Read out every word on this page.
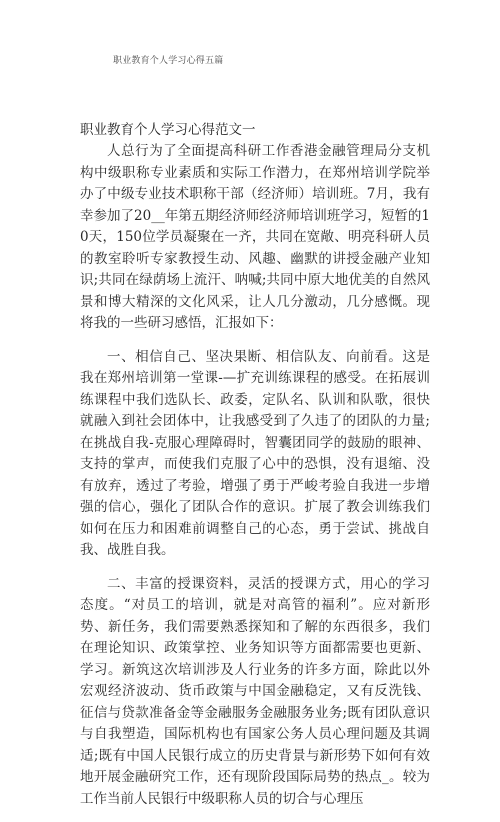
职业教育个人学习心得五篇
职业教育个人学习心得范文一

人总行为了全面提高科研工作香港金融管理局分支机构中级职称专业素质和实际工作潜力，在郑州培训学院举办了中级专业技术职称干部（经济师）培训班。7月，我有幸参加了20__年第五期经济师经济师培训班学习，短暂的10天，150位学员凝聚在一齐，共同在宽敞、明亮科研人员的教室聆听专家教授生动、风趣、幽默的讲授金融产业知识;共同在绿荫场上流汗、呐喊;共同中原大地优美的自然风景和博大精深的文化风采，让人几分激动，几分感慨。现将我的一些研习感悟，汇报如下：

一、相信自己、坚决果断、相信队友、向前看。这是我在郑州培训第一堂课-—扩充训练课程的感受。在拓展训练课程中我们选队长、政委，定队名、队训和队歌，很快就融入到社会团体中，让我感受到了久违了的团队的力量;在挑战自我-克服心理障碍时，智囊团同学的鼓励的眼神、支持的掌声，而使我们克服了心中的恐惧，没有退缩、没有放弃，透过了考验，增强了勇于严峻考验自我进一步增强的信心，强化了团队合作的意识。扩展了教会训练我们如何在压力和困难前调整自己的心态，勇于尝试、挑战自我、战胜自我。

二、丰富的授课资料，灵活的授课方式，用心的学习态度。“对员工的培训，就是对高管的福利”。应对新形势、新任务，我们需要熟悉探知和了解的东西很多，我们在理论知识、政策掌控、业务知识等方面都需要也更新、学习。新筑这次培训涉及人行业务的许多方面，除此以外宏观经济波动、货币政策与中国金融稳定，又有反洗钱、征信与贷款准备金等金融服务金融服务业务;既有团队意识与自我塑造，国际机构也有国家公务人员心理问题及其调适;既有中国人民银行成立的历史背景与新形势下如何有效地开展金融研究工作，还有现阶段国际局势的热点_。较为工作当前人民银行中级职称人员的切合与心理压
